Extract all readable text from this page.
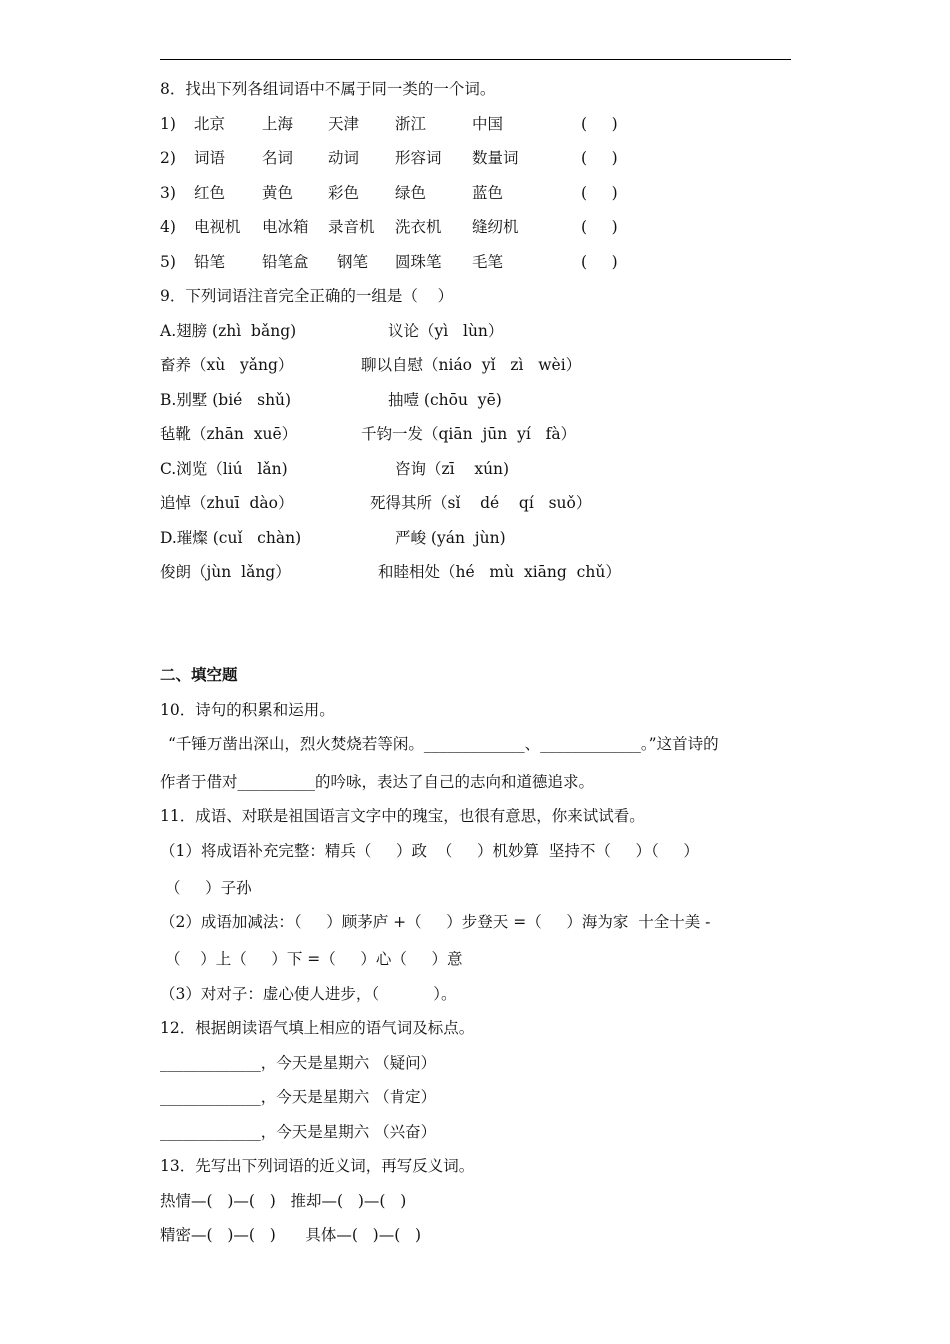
8．找出下列各组词语中不属于同一类的一个词。
1) 北京 上海 天津 浙江	中国	(     )
2) 词语 名词 动词 形容词 数量词	(     )
3) 红色 黄色 彩色 绿色	蓝色	(     )
4) 电视机 电冰箱 录音机 洗衣机 缝纫机	(     )
5) 铅笔 铅笔盒 钢笔 圆珠笔 毛笔	(     )
9．下列词语注音完全正确的一组是（    ）
A.翅膀 (zhì  bǎng)	议论（yì   lùn）
畜养（xù   yǎng）	聊以自慰（niáo  yǐ   zì   wèi）
B.别墅 (bié   shǔ)	抽噎 (chōu  yē)
毡靴（zhān  xuē）	千钧一发（qiān  jūn  yí   fà）
C.浏览（liú   lǎn)	咨询（zī    xún)
追悼（zhuī  dào）	死得其所（sǐ    dé    qí   suǒ）
D.璀燦 (cuǐ   chàn)	严峻 (yán  jùn)
俊朗（jùn  lǎng）	和睦相处（hé   mù  xiāng  chǔ）
二、填空题
10．诗句的积累和运用。
“千锤万凿出深山，烈火焚烧若等闲。_____________、_____________。”这首诗的
作者于借对__________的吟咏，表达了自己的志向和道德追求。
11．成语、对联是祖国语言文字中的瑰宝，也很有意思，你来试试看。
（1）将成语补充完整：精兵（     ）政  （     ）机妙算  坚持不（     ）（     ）
（     ）子孙
（2）成语加减法：（     ）顾茅庐 +（     ）步登天 =（     ）海为家  十全十美 -
（    ）上（     ）下 =（     ）心（     ）意
（3）对对子：虚心使人进步，（           ）。
12．根据朗读语气填上相应的语气词及标点。
_____________，今天是星期六 （疑问）
_____________，今天是星期六 （肯定）
_____________，今天是星期六 （兴奋）
13．先写出下列词语的近义词，再写反义词。
热情—(   )—(   )   推却—(   )—(   )
精密—(   )—(   )      具体—(   )—(   )
